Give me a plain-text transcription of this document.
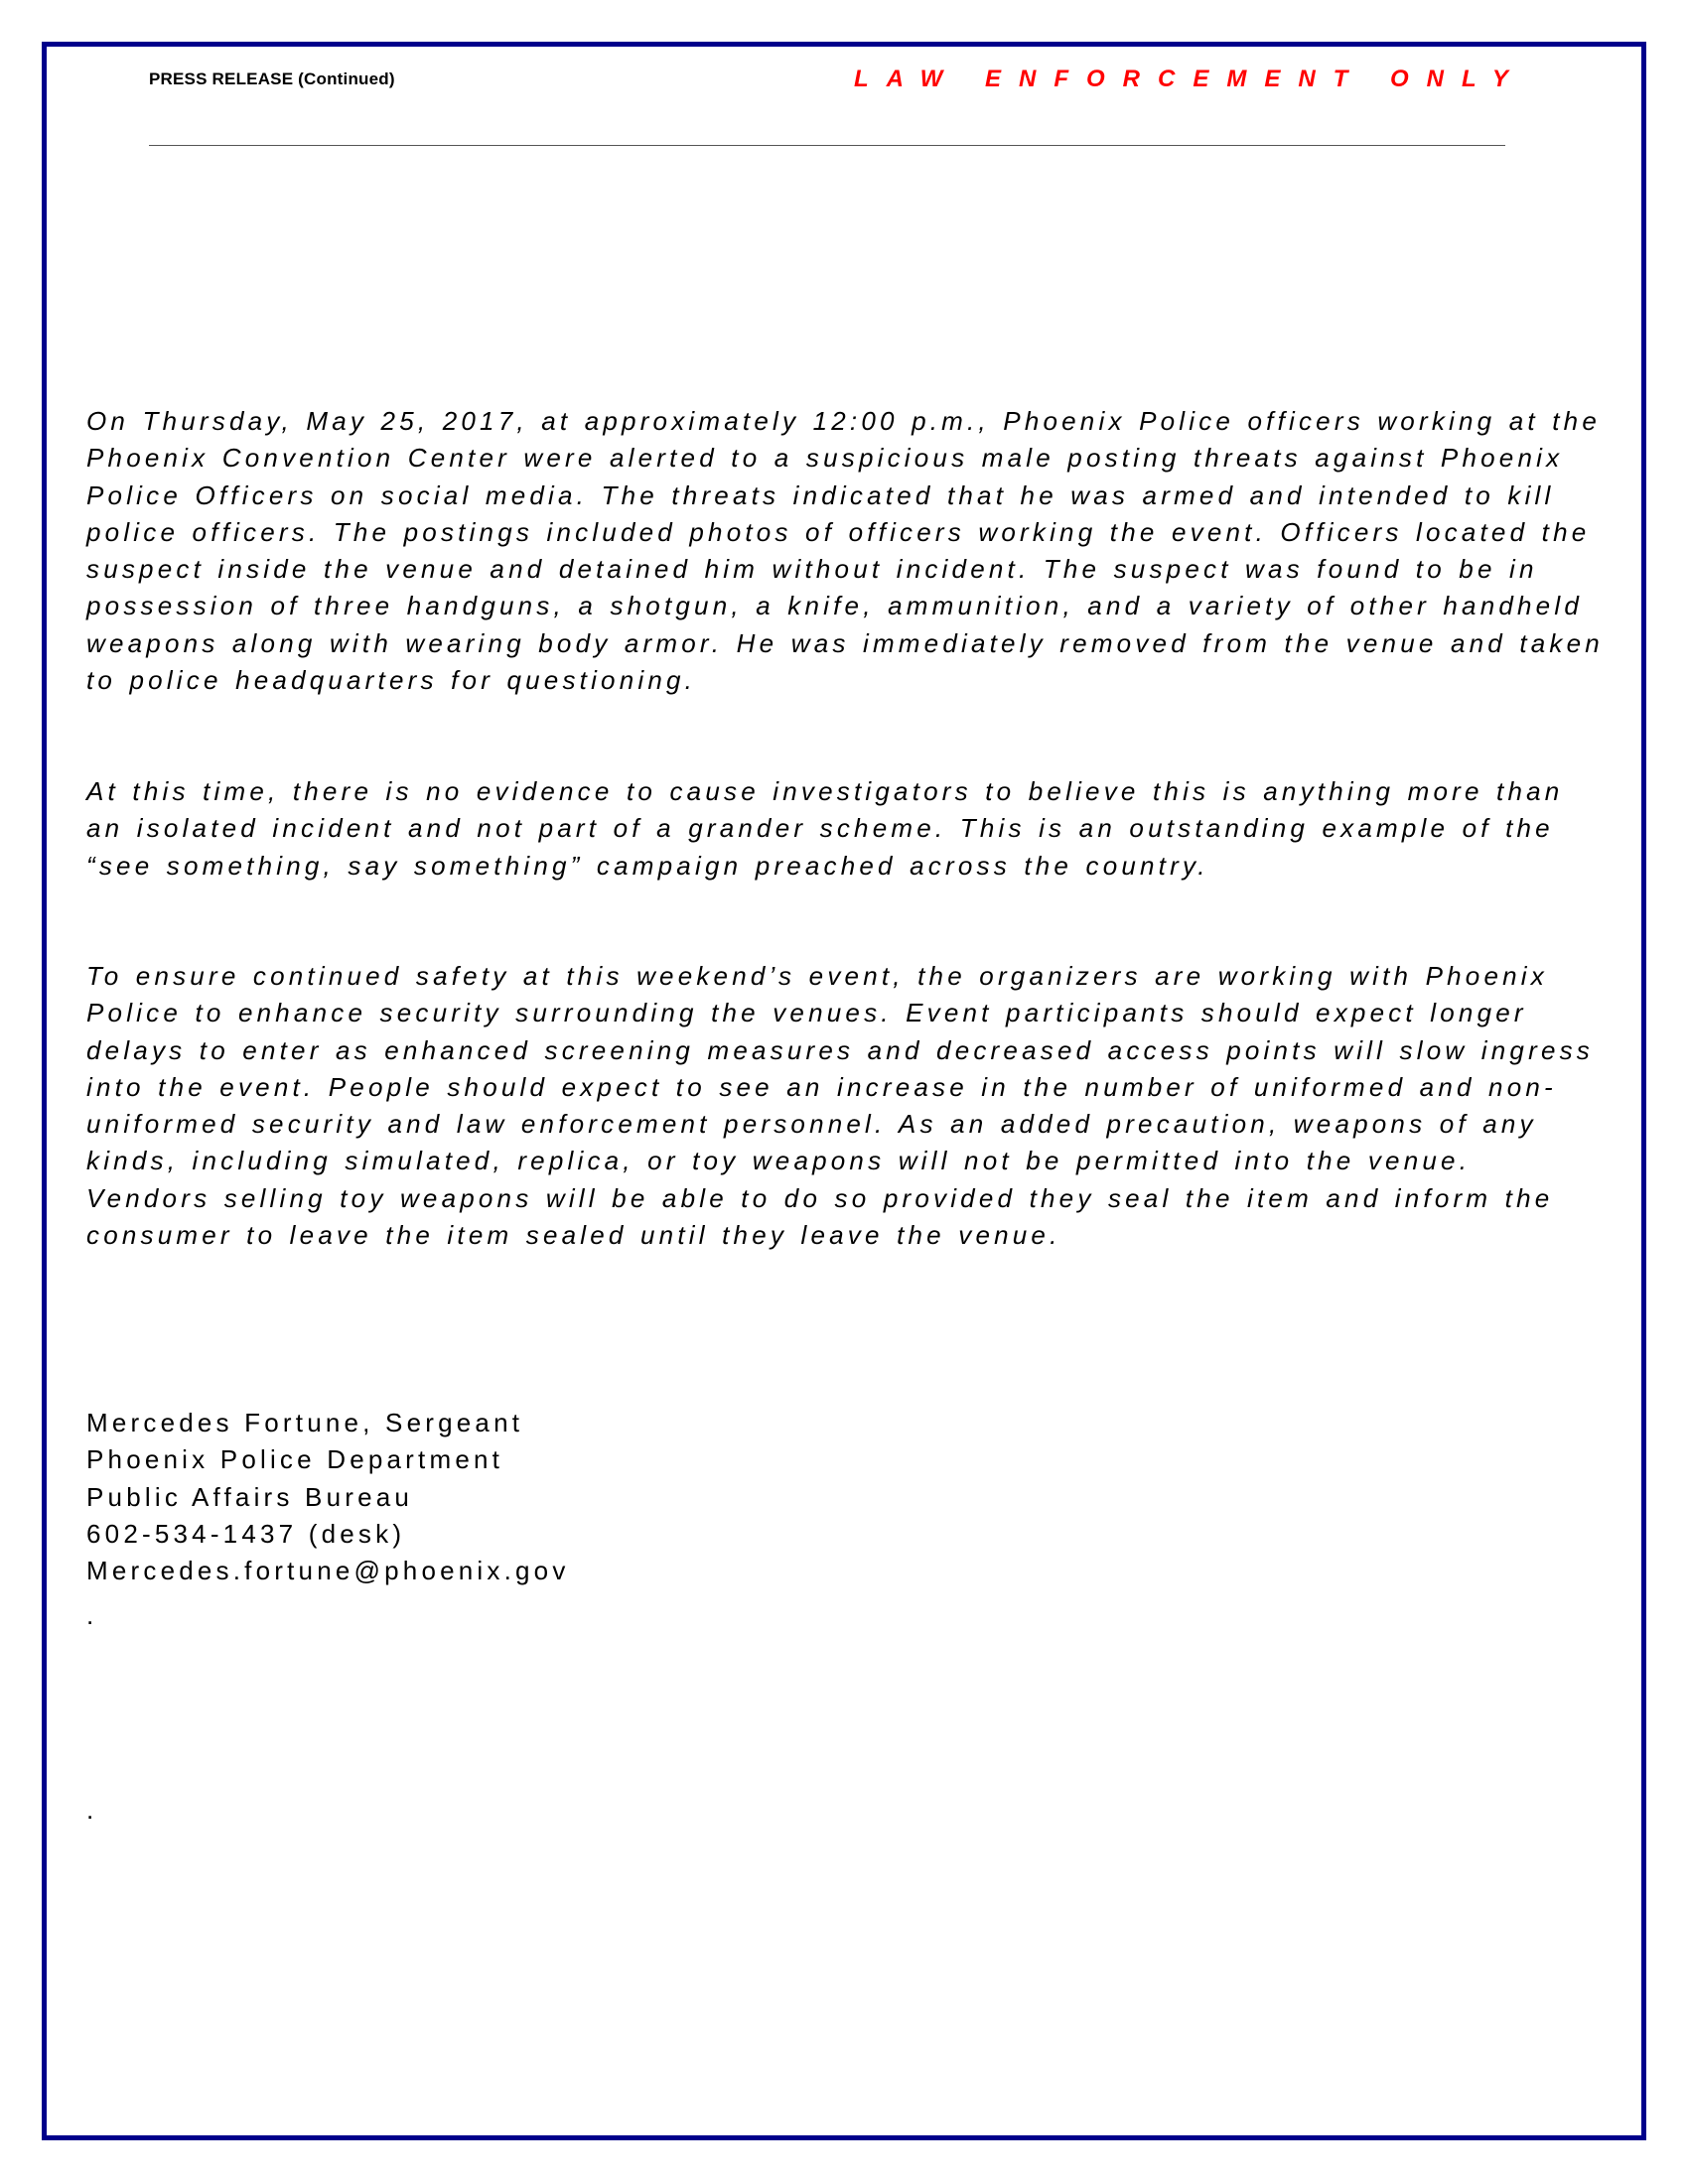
PRESS RELEASE (Continued)	LAW ENFORCEMENT ONLY

On Thursday, May 25, 2017, at approximately 12:00 p.m., Phoenix Police officers working at the Phoenix Convention Center were alerted to a suspicious male posting threats against Phoenix Police Officers on social media. The threats indicated that he was armed and intended to kill police officers. The postings included photos of officers working the event. Officers located the suspect inside the venue and detained him without incident. The suspect was found to be in possession of three handguns, a shotgun, a knife, ammunition, and a variety of other handheld weapons along with wearing body armor. He was immediately removed from the venue and taken to police headquarters for questioning.

At this time, there is no evidence to cause investigators to believe this is anything more than an isolated incident and not part of a grander scheme. This is an outstanding example of the “see something, say something” campaign preached across the country.

To ensure continued safety at this weekend’s event, the organizers are working with Phoenix Police to enhance security surrounding the venues. Event participants should expect longer delays to enter as enhanced screening measures and decreased access points will slow ingress into the event. People should expect to see an increase in the number of uniformed and non-uniformed security and law enforcement personnel. As an added precaution, weapons of any kinds, including simulated, replica, or toy weapons will not be permitted into the venue. Vendors selling toy weapons will be able to do so provided they seal the item and inform the consumer to leave the item sealed until they leave the venue.

Mercedes Fortune, Sergeant
Phoenix Police Department
Public Affairs Bureau
602-534-1437 (desk)
Mercedes.fortune@phoenix.gov
.
.
